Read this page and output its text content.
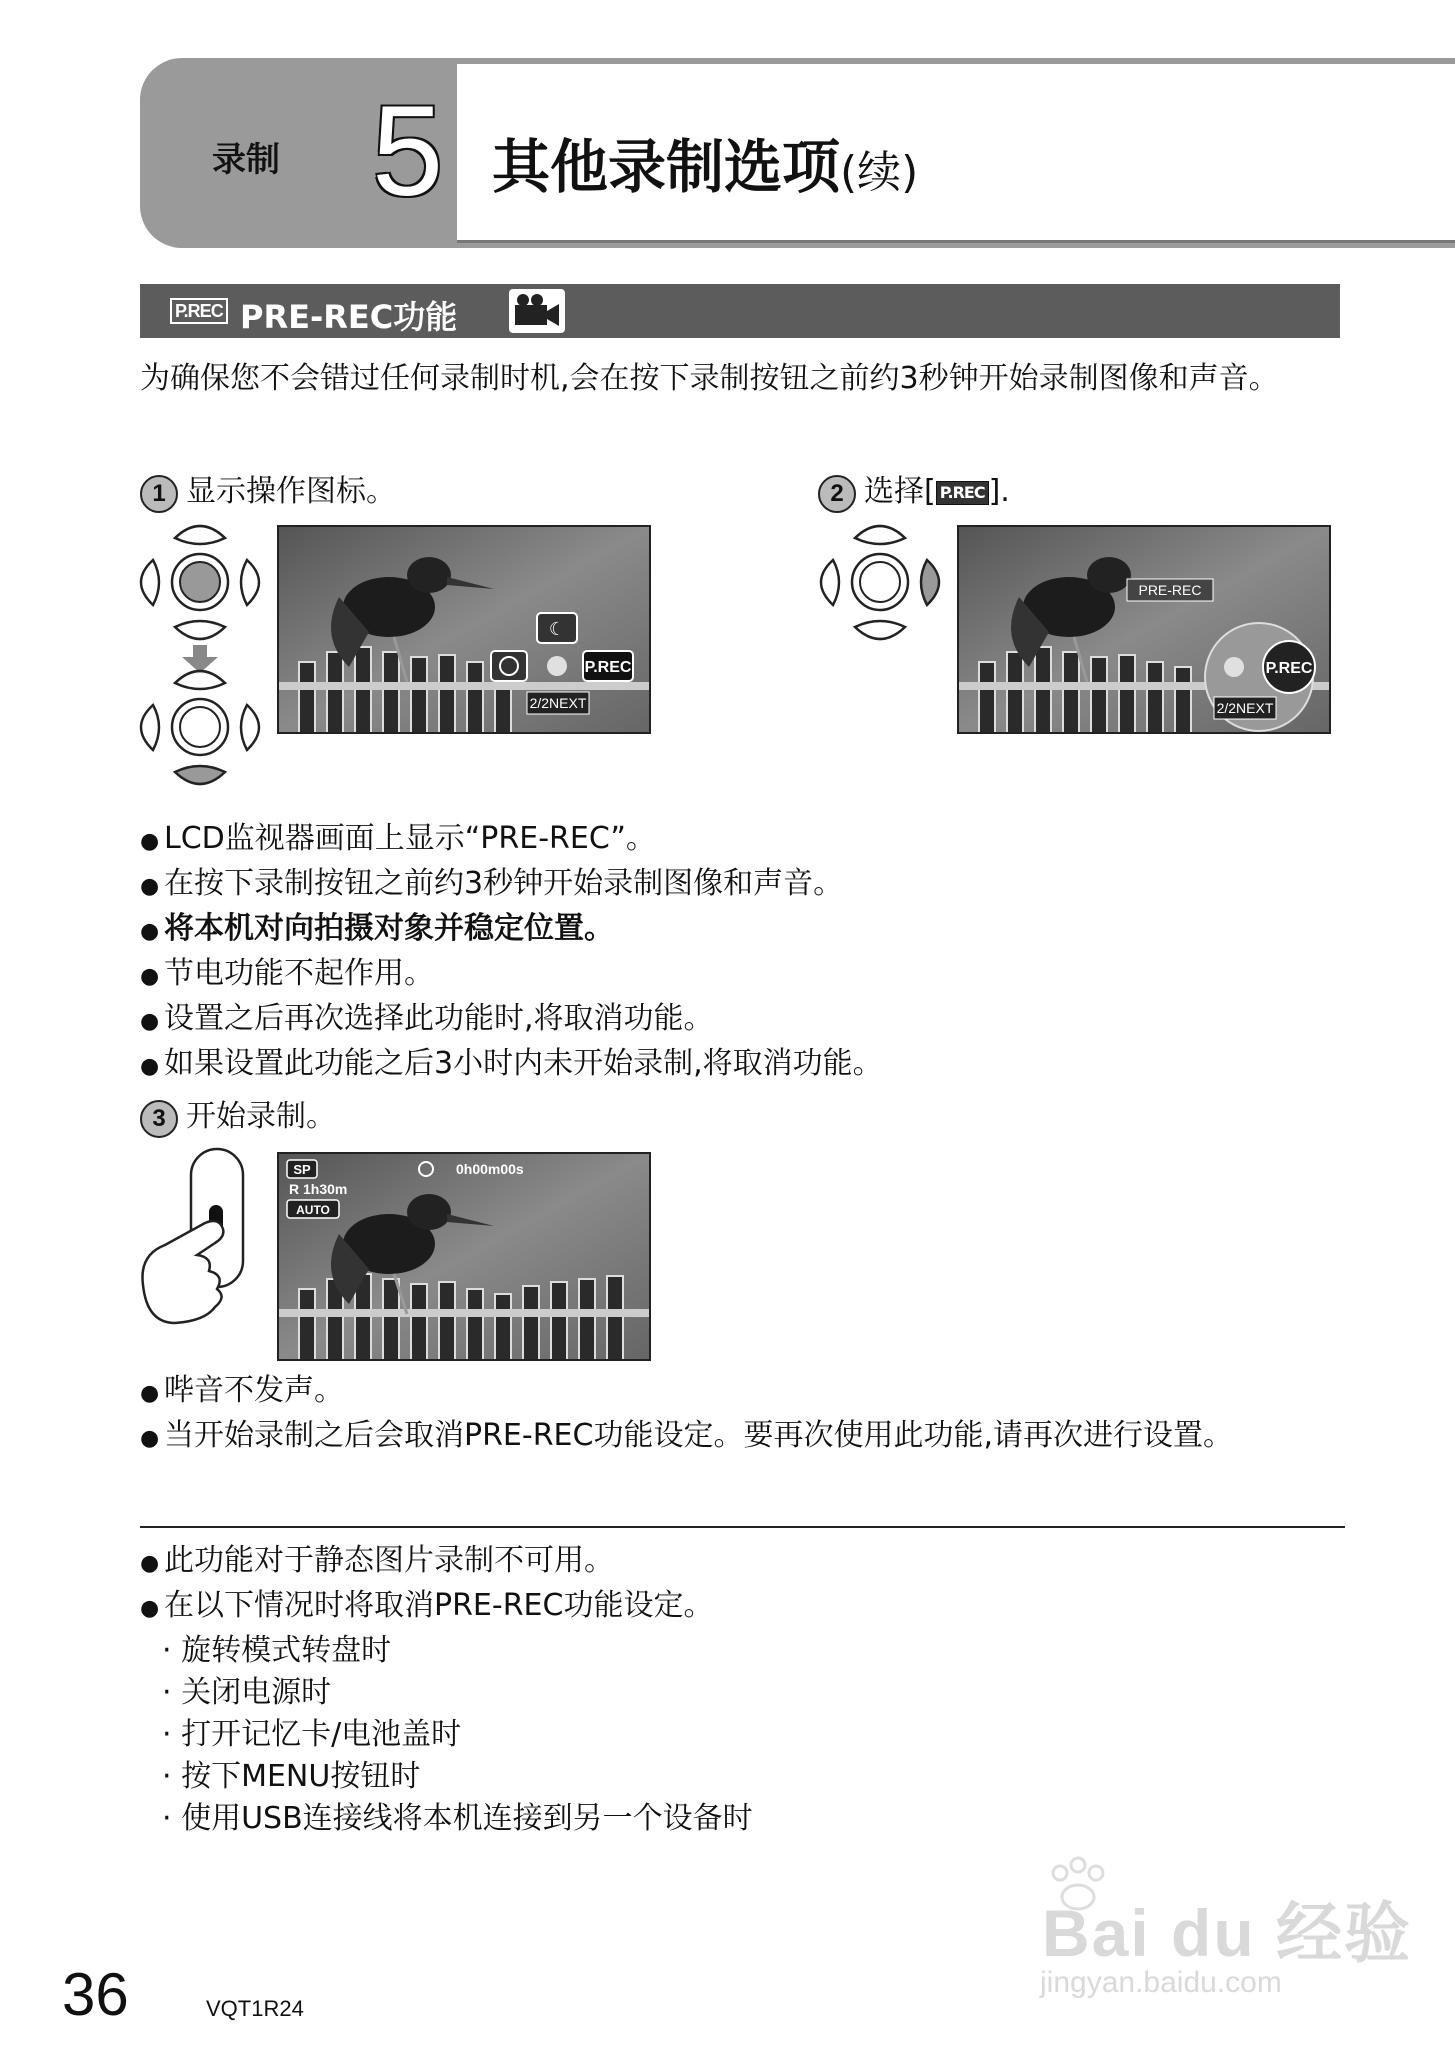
录制 5 其他录制选项(续)
P.REC PRE-REC功能
为确保您不会错过任何录制时机,会在按下录制按钮之前约3秒钟开始录制图像和声音。
1 显示操作图标。	2 选择[ P.REC ].
☾
P.REC
2/2NEXT
PRE-REC
P.REC
2/2NEXT
● LCD监视器画面上显示“PRE-REC”。
● 在按下录制按钮之前约3秒钟开始录制图像和声音。
● 将本机对向拍摄对象并稳定位置。
● 节电功能不起作用。
● 设置之后再次选择此功能时,将取消功能。
● 如果设置此功能之后3小时内未开始录制,将取消功能。
3 开始录制。
SP	0h00m00s
R 1h30m
AUTO
● 哔音不发声。
● 当开始录制之后会取消PRE-REC功能设定。要再次使用此功能,请再次进行设置。
● 此功能对于静态图片录制不可用。
● 在以下情况时将取消PRE-REC功能设定。
· 旋转模式转盘时
· 关闭电源时
· 打开记忆卡/电池盖时
· 按下MENU按钮时
· 使用USB连接线将本机连接到另一个设备时
Bai du 经验
jingyan.baidu.com
36	VQT1R24
